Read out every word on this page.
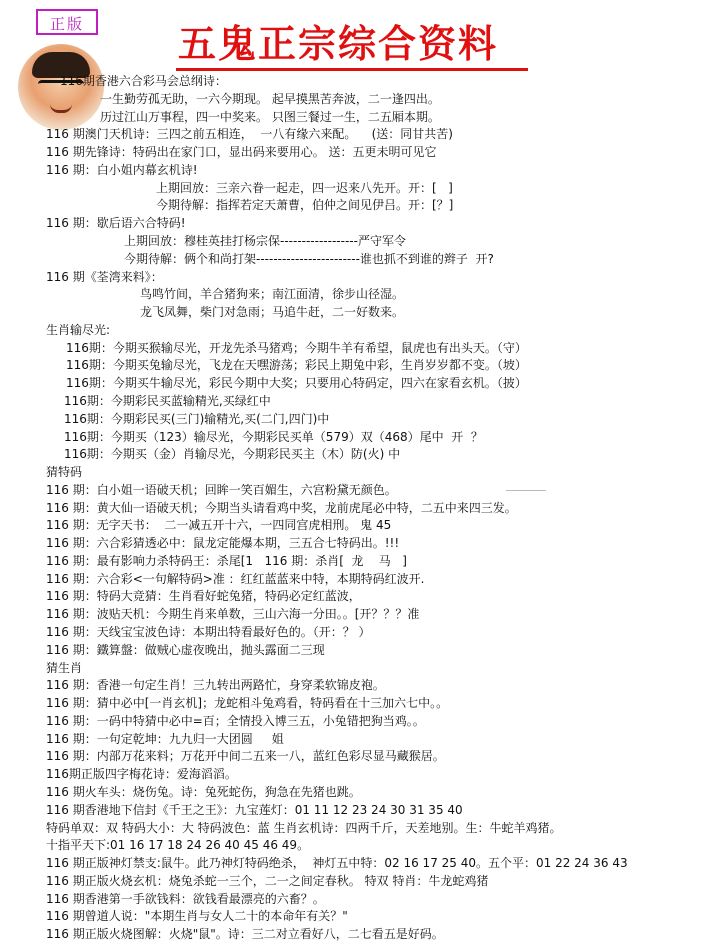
正版	五鬼正宗综合资料
116期香港六合彩马会总纲诗：
一生勤劳孤无助，一六今期现。 起早摸黑苦奔波，二一逢四出。
历过江山万事程，四一中奖来。 只图三餐过一生，二五厢本期。
116 期澳门天机诗：三四之前五相连，  一八有缘六来配。    (送：同甘共苦)
116 期先锋诗：特码出在家门口，显出码来要用心。 送：五更未明可见它
116 期：白小姐内幕玄机诗!
上期回放：三亲六眷一起走，四一迟来八先开。开：[   ]
今期待解：指挥若定天萧曹，伯仲之间见伊吕。开：[？]
116 期：歇后语六合特码!
上期回放：穆桂英挂打杨宗保------------------严守军令
今期待解：俩个和尚打架------------------------谁也抓不到谁的辫子  开?
116 期《荃湾来料》：
鸟鸣竹间，羊合猪狗来；南江面清，徐步山径湿。
龙飞凤舞，柴门对急雨；马追牛赶，二一好数来。
生肖输尽光:
116期：今期买猴输尽光，开龙先杀马猪鸡；今期牛羊有希望，鼠虎也有出头天。（守）
116期：今期买兔输尽光，飞龙在天嘿游荡；彩民上期兔中彩，生肖岁岁都不变。（坡）
116期：今期买牛输尽光，彩民今期中大奖；只要用心特码定，四六在家看玄机。（披）
116期：今期彩民买蓝输精光,买绿红中
116期：今期彩民买(三门)输精光,买(二门,四门)中
116期：今期买（123）输尽光，今期彩民买单（579）双（468）尾中  开  ？
116期：今期买（金）肖输尽光，今期彩民买主（木）防(火) 中
猜特码
116 期：白小姐一语破天机；回眸一笑百媚生，六宫粉黛无颜色。
116 期：黄大仙一语破天机；今期当头请看鸡中奖，龙前虎尾必中特，二五中来四三发。
116 期：无字天书：  二一减五开十六，一四同宫虎相刑。 鬼 45
116 期：六合彩猜透必中：鼠龙定能爆本期，三五合七特码出。!!!
116 期：最有影响力杀特码王：杀尾[1   116 期：杀肖[  龙    马   ]
116 期：六合彩<一句解特码>准 ：红红蓝蓝来中特，本期特码红波开.
116 期：特码大竞猜：生肖看好蛇兔猪，特码必定红蓝波，
116 期：波贴天机：今期生肖来单数，三山六海一分田。。[开？？？准
116 期：天线宝宝波色诗：本期出特看最好色的。（开：？ ）
116 期：鐵算盤：做贼心虚夜晚出，抛头露面二三现
猜生肖
116 期：香港一句定生肖！三九转出两路忙，身穿柔软锦皮袍。
116 期：猜中必中[一肖玄机]；龙蛇相斗兔鸡看，特码看在十三加六七中。。
116 期：一码中特猜中必中=百；全情投入博三五，小兔错把狗当鸡。。
116 期：一句定乾坤：九九归一大团圆     姐
116 期：内部万花来料；万花开中间二五来一八，蓝红色彩尽显马藏猴居。
116期正版四字梅花诗：爱海滔滔。
116 期火车头：烧伤兔。诗：兔死蛇伤，狗急在先猪也跳。
116 期香港地下信封《千王之王》：九宝莲灯：01 11 12 23 24 30 31 35 40
特码单双：双 特码大小：大 特码波色：蓝 生肖玄机诗：四两千斤，天差地别。生：牛蛇羊鸡猪。
十指平天下:01 16 17 18 24 26 40 45 46 49。
116 期正版神灯禁支:鼠牛。此乃神灯特码绝杀，  神灯五中特：02 16 17 25 40。五个平：01 22 24 36 43
116 期正版火烧玄机：烧兔杀蛇一三个，二一之间定春秋。 特双 特肖：牛龙蛇鸡猪
116 期香港第一手欲钱料：欲钱看最漂亮的六畜？。
116 期曾道人说："本期生肖与女人二十的本命年有关？"
116 期正版火烧图解：火烧"鼠"。诗：三二对立看好八，二七看五是好码。
